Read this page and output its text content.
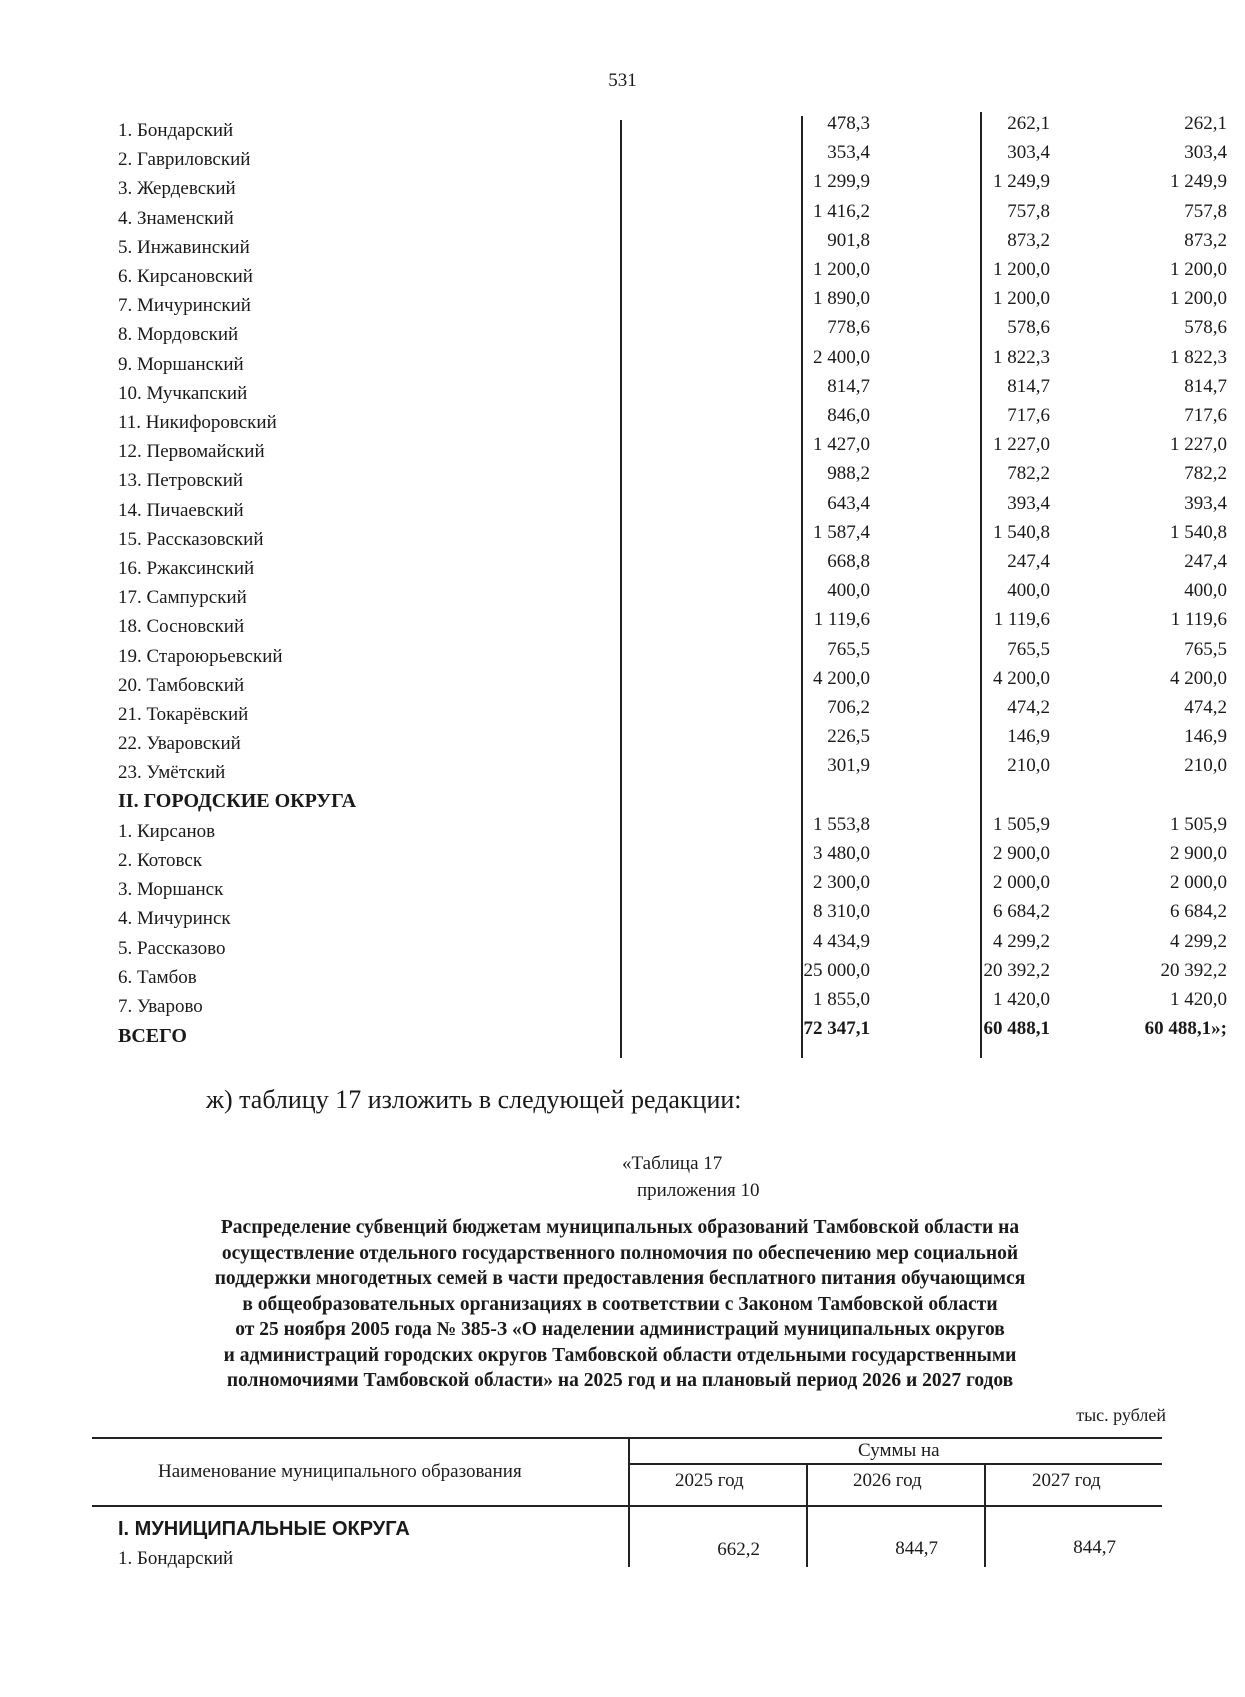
531
1. Бондарский	478,3	262,1	262,1
2. Гавриловский	353,4	303,4	303,4
3. Жердевский	1 299,9	1 249,9	1 249,9
4. Знаменский	1 416,2	757,8	757,8
5. Инжавинский	901,8	873,2	873,2
6. Кирсановский	1 200,0	1 200,0	1 200,0
7. Мичуринский	1 890,0	1 200,0	1 200,0
8. Мордовский	778,6	578,6	578,6
9. Моршанский	2 400,0	1 822,3	1 822,3
10. Мучкапский	814,7	814,7	814,7
11. Никифоровский	846,0	717,6	717,6
12. Первомайский	1 427,0	1 227,0	1 227,0
13. Петровский	988,2	782,2	782,2
14. Пичаевский	643,4	393,4	393,4
15. Рассказовский	1 587,4	1 540,8	1 540,8
16. Ржаксинский	668,8	247,4	247,4
17. Сампурский	400,0	400,0	400,0
18. Сосновский	1 119,6	1 119,6	1 119,6
19. Староюрьевский	765,5	765,5	765,5
20. Тамбовский	4 200,0	4 200,0	4 200,0
21. Токарёвский	706,2	474,2	474,2
22. Уваровский	226,5	146,9	146,9
23. Умётский	301,9	210,0	210,0
II. ГОРОДСКИЕ ОКРУГА
1. Кирсанов	1 553,8	1 505,9	1 505,9
2. Котовск	3 480,0	2 900,0	2 900,0
3. Моршанск	2 300,0	2 000,0	2 000,0
4. Мичуринск	8 310,0	6 684,2	6 684,2
5. Рассказово	4 434,9	4 299,2	4 299,2
6. Тамбов	25 000,0	20 392,2	20 392,2
7. Уварово	1 855,0	1 420,0	1 420,0
ВСЕГО	72 347,1	60 488,1	60 488,1»;
ж) таблицу 17 изложить в следующей редакции:
«Таблица 17
приложения 10
Распределение субвенций бюджетам муниципальных образований Тамбовской области на
осуществление отдельного государственного полномочия по обеспечению мер социальной
поддержки многодетных семей в части предоставления бесплатного питания обучающимся
в общеобразовательных организациях в соответствии с Законом Тамбовской области
от 25 ноября 2005 года № 385-З «О наделении администраций муниципальных округов
и администраций городских округов Тамбовской области отдельными государственными
полномочиями Тамбовской области» на 2025 год и на плановый период 2026 и 2027 годов
тыс. рублей
Наименование муниципального образования
Суммы на
2025 год	2026 год	2027 год
I. МУНИЦИПАЛЬНЫЕ ОКРУГА
1. Бондарский	662,2	844,7	844,7
